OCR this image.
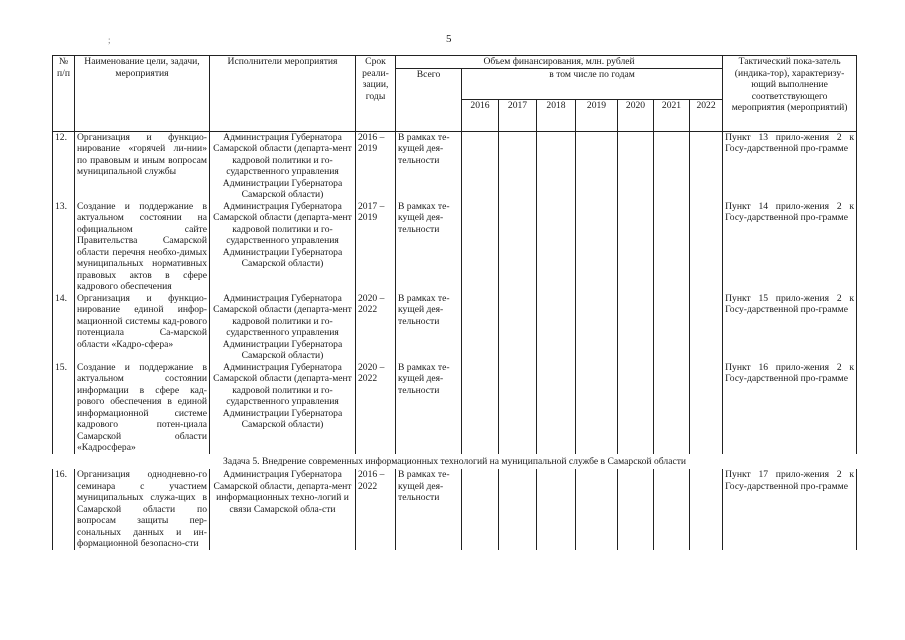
5
;
№ п/п	Наименование цели, задачи, мероприятия	Исполнители мероприятия	Срок реали-зации, годы	Объем финансирования, млн. рублей								Тактический пока-затель (индика-тор), характеризу-ющий выполнение соответствующего мероприятия (мероприятий)
				Всего	в том числе по годам							
					2016	2017	2018	2019	2020	2021	2022	
12.	Организация и функцио-нирование «горячей ли-нии» по правовым и иным вопросам муниципальной службы	Администрация Губернатора Самарской области (департа-мент кадровой политики и го-сударственного управления Администрации Губернатора Самарской области)	2016 – 2019	В рамках те-кущей дея-тельности								Пункт 13 прило-жения 2 к Госу-дарственной про-грамме
13.	Создание и поддержание в актуальном состоянии на официальном сайте Правительства Самарской области перечня необхо-димых муниципальных нормативных правовых актов в сфере кадрового обеспечения	Администрация Губернатора Самарской области (департа-мент кадровой политики и го-сударственного управления Администрации Губернатора Самарской области)	2017 – 2019	В рамках те-кущей дея-тельности								Пункт 14 прило-жения 2 к Госу-дарственной про-грамме
14.	Организация и функцио-нирование единой инфор-мационной системы кад-рового потенциала Са-марской области «Кадро-сфера»	Администрация Губернатора Самарской области (департа-мент кадровой политики и го-сударственного управления Администрации Губернатора Самарской области)	2020 – 2022	В рамках те-кущей дея-тельности								Пункт 15 прило-жения 2 к Госу-дарственной про-грамме
15.	Создание и поддержание в актуальном состоянии информации в сфере кад-рового обеспечения в единой информационной системе кадрового потен-циала Самарской области «Кадросфера»	Администрация Губернатора Самарской области (департа-мент кадровой политики и го-сударственного управления Администрации Губернатора Самарской области)	2020 – 2022	В рамках те-кущей дея-тельности								Пункт 16 прило-жения 2 к Госу-дарственной про-грамме
Задача 5. Внедрение современных информационных технологий на муниципальной службе в Самарской области												
16.	Организация однодневно-го семинара с участием муниципальных служа-щих в Самарской области по вопросам защиты пер-сональных данных и ин-формационной безопасно-сти	Администрация Губернатора Самарской области, департа-мент информационных техно-логий и связи Самарской обла-сти	2016 – 2022	В рамках те-кущей дея-тельности								Пункт 17 прило-жения 2 к Госу-дарственной про-грамме
